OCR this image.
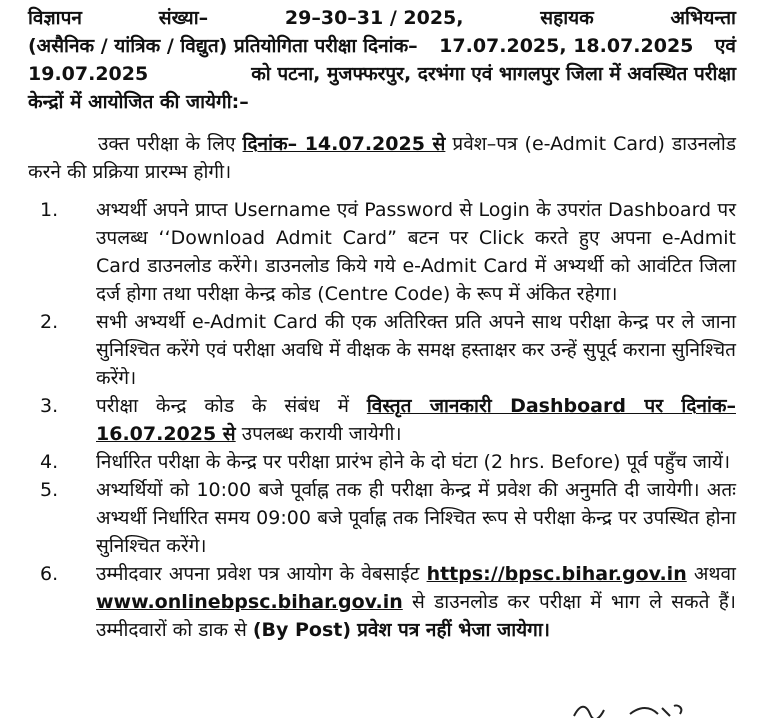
विज्ञापन	संख्या–	29–30–31 / 2025,	सहायक	अभियन्ता
(असैनिक / यांत्रिक / विद्युत) प्रतियोगिता परीक्षा दिनांक– 17.07.2025, 18.07.2025 एवं
19.07.2025	को पटना, मुजफ्फरपुर, दरभंगा एवं भागलपुर जिला में अवस्थित परीक्षा
केन्द्रों में आयोजित की जायेगी:–
उक्त परीक्षा के लिए दिनांक– 14.07.2025 से प्रवेश–पत्र (e-Admit Card) डाउनलोड करने की प्रक्रिया प्रारम्भ होगी।
1.	अभ्यर्थी अपने प्राप्त Username एवं Password से Login के उपरांत Dashboard पर उपलब्ध ‘‘Download Admit Card” बटन पर Click करते हुए अपना e-Admit Card डाउनलोड करेंगे। डाउनलोड किये गये e-Admit Card में अभ्यर्थी को आवंटित जिला दर्ज होगा तथा परीक्षा केन्द्र कोड (Centre Code) के रूप में अंकित रहेगा।
2.	सभी अभ्यर्थी e-Admit Card की एक अतिरिक्त प्रति अपने साथ परीक्षा केन्द्र पर ले जाना सुनिश्चित करेंगे एवं परीक्षा अवधि में वीक्षक के समक्ष हस्ताक्षर कर उन्हें सुपूर्द कराना सुनिश्चित करेंगे।
3.	परीक्षा केन्द्र कोड के संबंध में विस्तृत जानकारी Dashboard पर दिनांक– 16.07.2025 से उपलब्ध करायी जायेगी।
4.	निर्धारित परीक्षा के केन्द्र पर परीक्षा प्रारंभ होने के दो घंटा (2 hrs. Before) पूर्व पहुँच जायें।
5.	अभ्यर्थियों को 10:00 बजे पूर्वाह्न तक ही परीक्षा केन्द्र में प्रवेश की अनुमति दी जायेगी। अतः अभ्यर्थी निर्धारित समय 09:00 बजे पूर्वाह्न तक निश्चित रूप से परीक्षा केन्द्र पर उपस्थित होना सुनिश्चित करेंगे।
6.	उम्मीदवार अपना प्रवेश पत्र आयोग के वेबसाईट https://bpsc.bihar.gov.in अथवा www.onlinebpsc.bihar.gov.in से डाउनलोड कर परीक्षा में भाग ले सकते हैं। उम्मीदवारों को डाक से (By Post) प्रवेश पत्र नहीं भेजा जायेगा।
